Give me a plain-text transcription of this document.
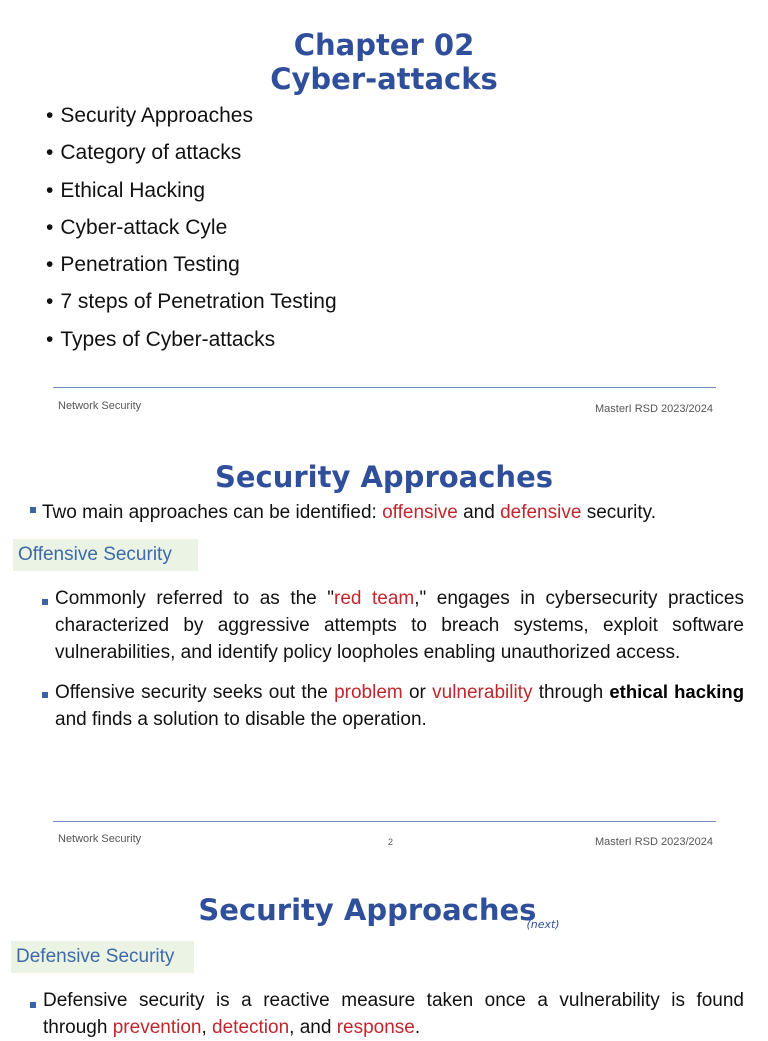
Chapter 02
Cyber-attacks
• Security Approaches
• Category of attacks
• Ethical Hacking
• Cyber-attack Cyle
• Penetration Testing
• 7 steps of Penetration Testing
• Types of Cyber-attacks
Network Security	MasterI RSD 2023/2024
Security Approaches
Two main approaches can be identified: offensive and defensive security.
Offensive Security
Commonly referred to as the "red team," engages in cybersecurity practices characterized by aggressive attempts to breach systems, exploit software vulnerabilities, and identify policy loopholes enabling unauthorized access.
Offensive security seeks out the problem or vulnerability through ethical hacking and finds a solution to disable the operation.
Network Security	2	MasterI RSD 2023/2024
Security Approaches$_{(next)}$
Defensive Security
Defensive security is a reactive measure taken once a vulnerability is found through prevention, detection, and response.
